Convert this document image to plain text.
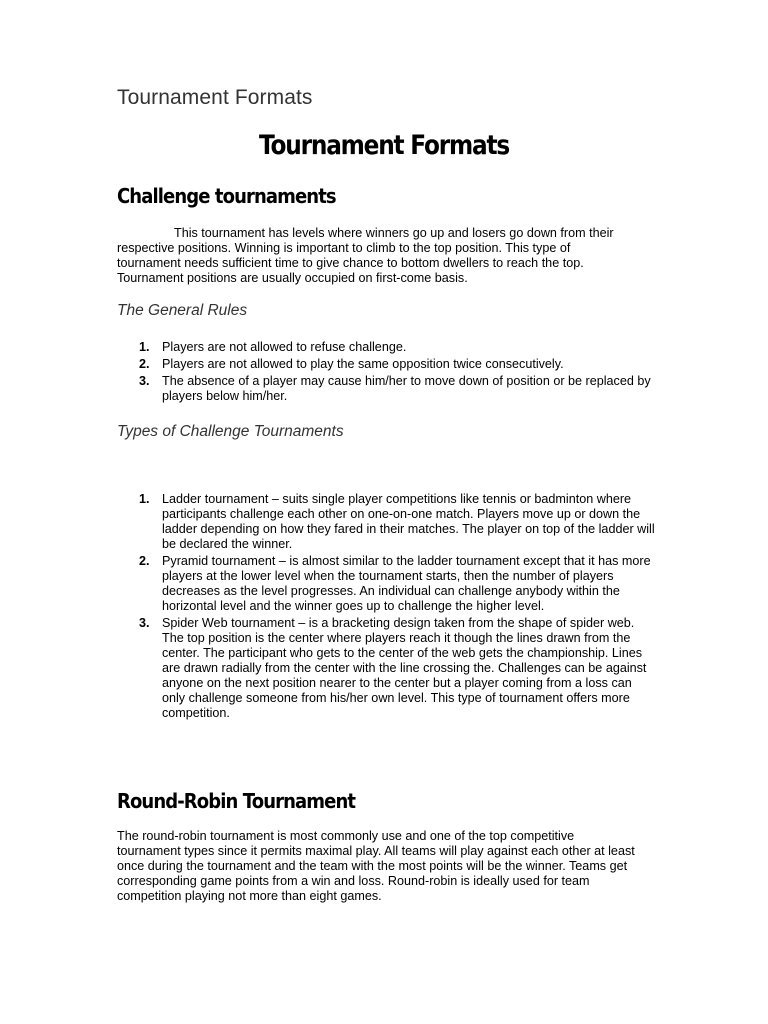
Tournament Formats
Tournament Formats
Challenge tournaments

This tournament has levels where winners go up and losers go down from their respective positions. Winning is important to climb to the top position. This type of tournament needs sufficient time to give chance to bottom dwellers to reach the top. Tournament positions are usually occupied on first-come basis.

The General Rules
1. Players are not allowed to refuse challenge.
2. Players are not allowed to play the same opposition twice consecutively.
3. The absence of a player may cause him/her to move down of position or be replaced by players below him/her.
Types of Challenge Tournaments
1. Ladder tournament – suits single player competitions like tennis or badminton where participants challenge each other on one-on-one match. Players move up or down the ladder depending on how they fared in their matches. The player on top of the ladder will be declared the winner.
2. Pyramid tournament – is almost similar to the ladder tournament except that it has more players at the lower level when the tournament starts, then the number of players decreases as the level progresses. An individual can challenge anybody within the horizontal level and the winner goes up to challenge the higher level.
3. Spider Web tournament – is a bracketing design taken from the shape of spider web. The top position is the center where players reach it though the lines drawn from the center. The participant who gets to the center of the web gets the championship. Lines are drawn radially from the center with the line crossing the. Challenges can be against anyone on the next position nearer to the center but a player coming from a loss can only challenge someone from his/her own level. This type of tournament offers more competition.
Round-Robin Tournament

The round-robin tournament is most commonly use and one of the top competitive tournament types since it permits maximal play. All teams will play against each other at least once during the tournament and the team with the most points will be the winner. Teams get corresponding game points from a win and loss. Round-robin is ideally used for team competition playing not more than eight games.
